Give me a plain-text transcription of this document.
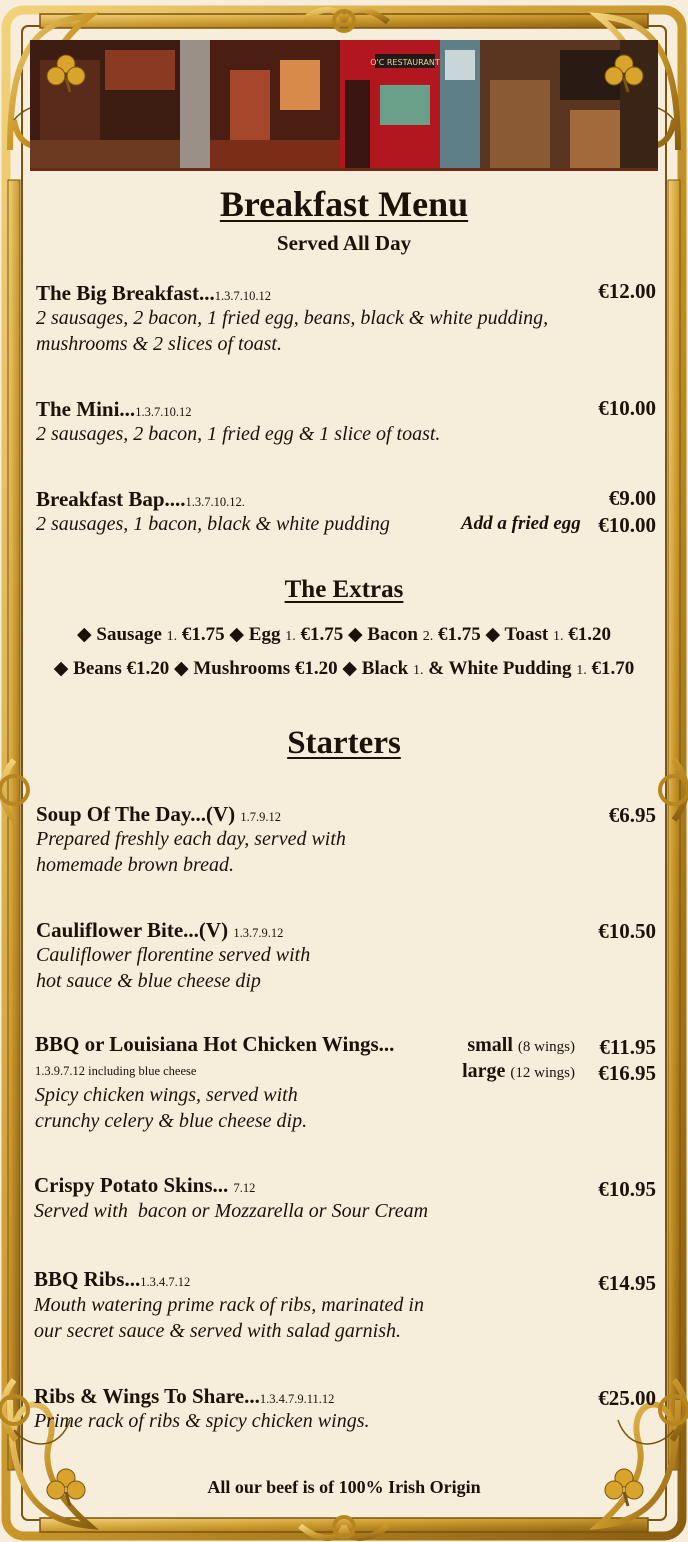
O'C RESTAURANT
Breakfast Menu
Served All Day
The Big Breakfast...1.3.7.10.12	€12.00
2 sausages, 2 bacon, 1 fried egg, beans, black & white pudding, mushrooms & 2 slices of toast.
The Mini...1.3.7.10.12	€10.00
2 sausages, 2 bacon, 1 fried egg & 1 slice of toast.
Breakfast Bap....1.3.7.10.12.	€9.00
2 sausages, 1 bacon, black & white pudding	Add a fried egg €10.00
The Extras
◆ Sausage 1. €1.75 ◆ Egg 1. €1.75 ◆ Bacon 2. €1.75 ◆ Toast 1. €1.20
◆ Beans €1.20 ◆ Mushrooms €1.20 ◆ Black 1. & White Pudding 1. €1.70
Starters
Soup Of The Day...(V) 1.7.9.12	€6.95
Prepared freshly each day, served with
homemade brown bread.
Cauliflower Bite...(V) 1.3.7.9.12	€10.50
Cauliflower florentine served with
hot sauce & blue cheese dip
BBQ or Louisiana Hot Chicken Wings...
1.3.9.7.12 including blue cheese
small (8 wings) €11.95
large (12 wings) €16.95
Spicy chicken wings, served with
crunchy celery & blue cheese dip.
Crispy Potato Skins... 7.12	€10.95
Served with  bacon or Mozzarella or Sour Cream
BBQ Ribs...1.3.4.7.12	€14.95
Mouth watering prime rack of ribs, marinated in
our secret sauce & served with salad garnish.
Ribs & Wings To Share...1.3.4.7.9.11.12	€25.00
Prime rack of ribs & spicy chicken wings.
All our beef is of 100% Irish Origin
